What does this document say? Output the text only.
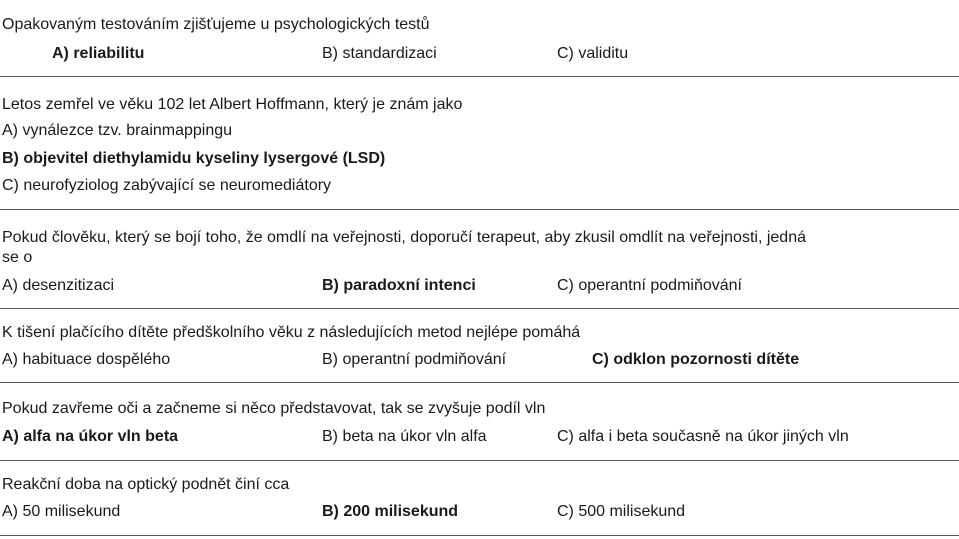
Opakovaným testováním zjišťujeme u psychologických testů
A) reliabilitu	B) standardizaci	C) validitu
Letos zemřel ve věku 102 let Albert Hoffmann, který je znám jako
A) vynálezce tzv. brainmappingu
B) objevitel diethylamidu kyseliny lysergové (LSD)
C) neurofyziolog zabývající se neuromediátory
Pokud člověku, který se bojí toho, že omdlí na veřejnosti, doporučí terapeut, aby zkusil omdlít na veřejnosti, jedná
se o
A) desenzitizaci	B) paradoxní intenci	C) operantní podmiňování
K tišení plačícího dítěte předškolního věku z následujících metod nejlépe pomáhá
A) habituace dospělého	B) operantní podmiňování	C) odklon pozornosti dítěte
Pokud zavřeme oči a začneme si něco představovat, tak se zvyšuje podíl vln
A) alfa na úkor vln beta	B) beta na úkor vln alfa	C) alfa i beta současně na úkor jiných vln
Reakční doba na optický podnět činí cca
A) 50 milisekund	B) 200 milisekund	C) 500 milisekund
